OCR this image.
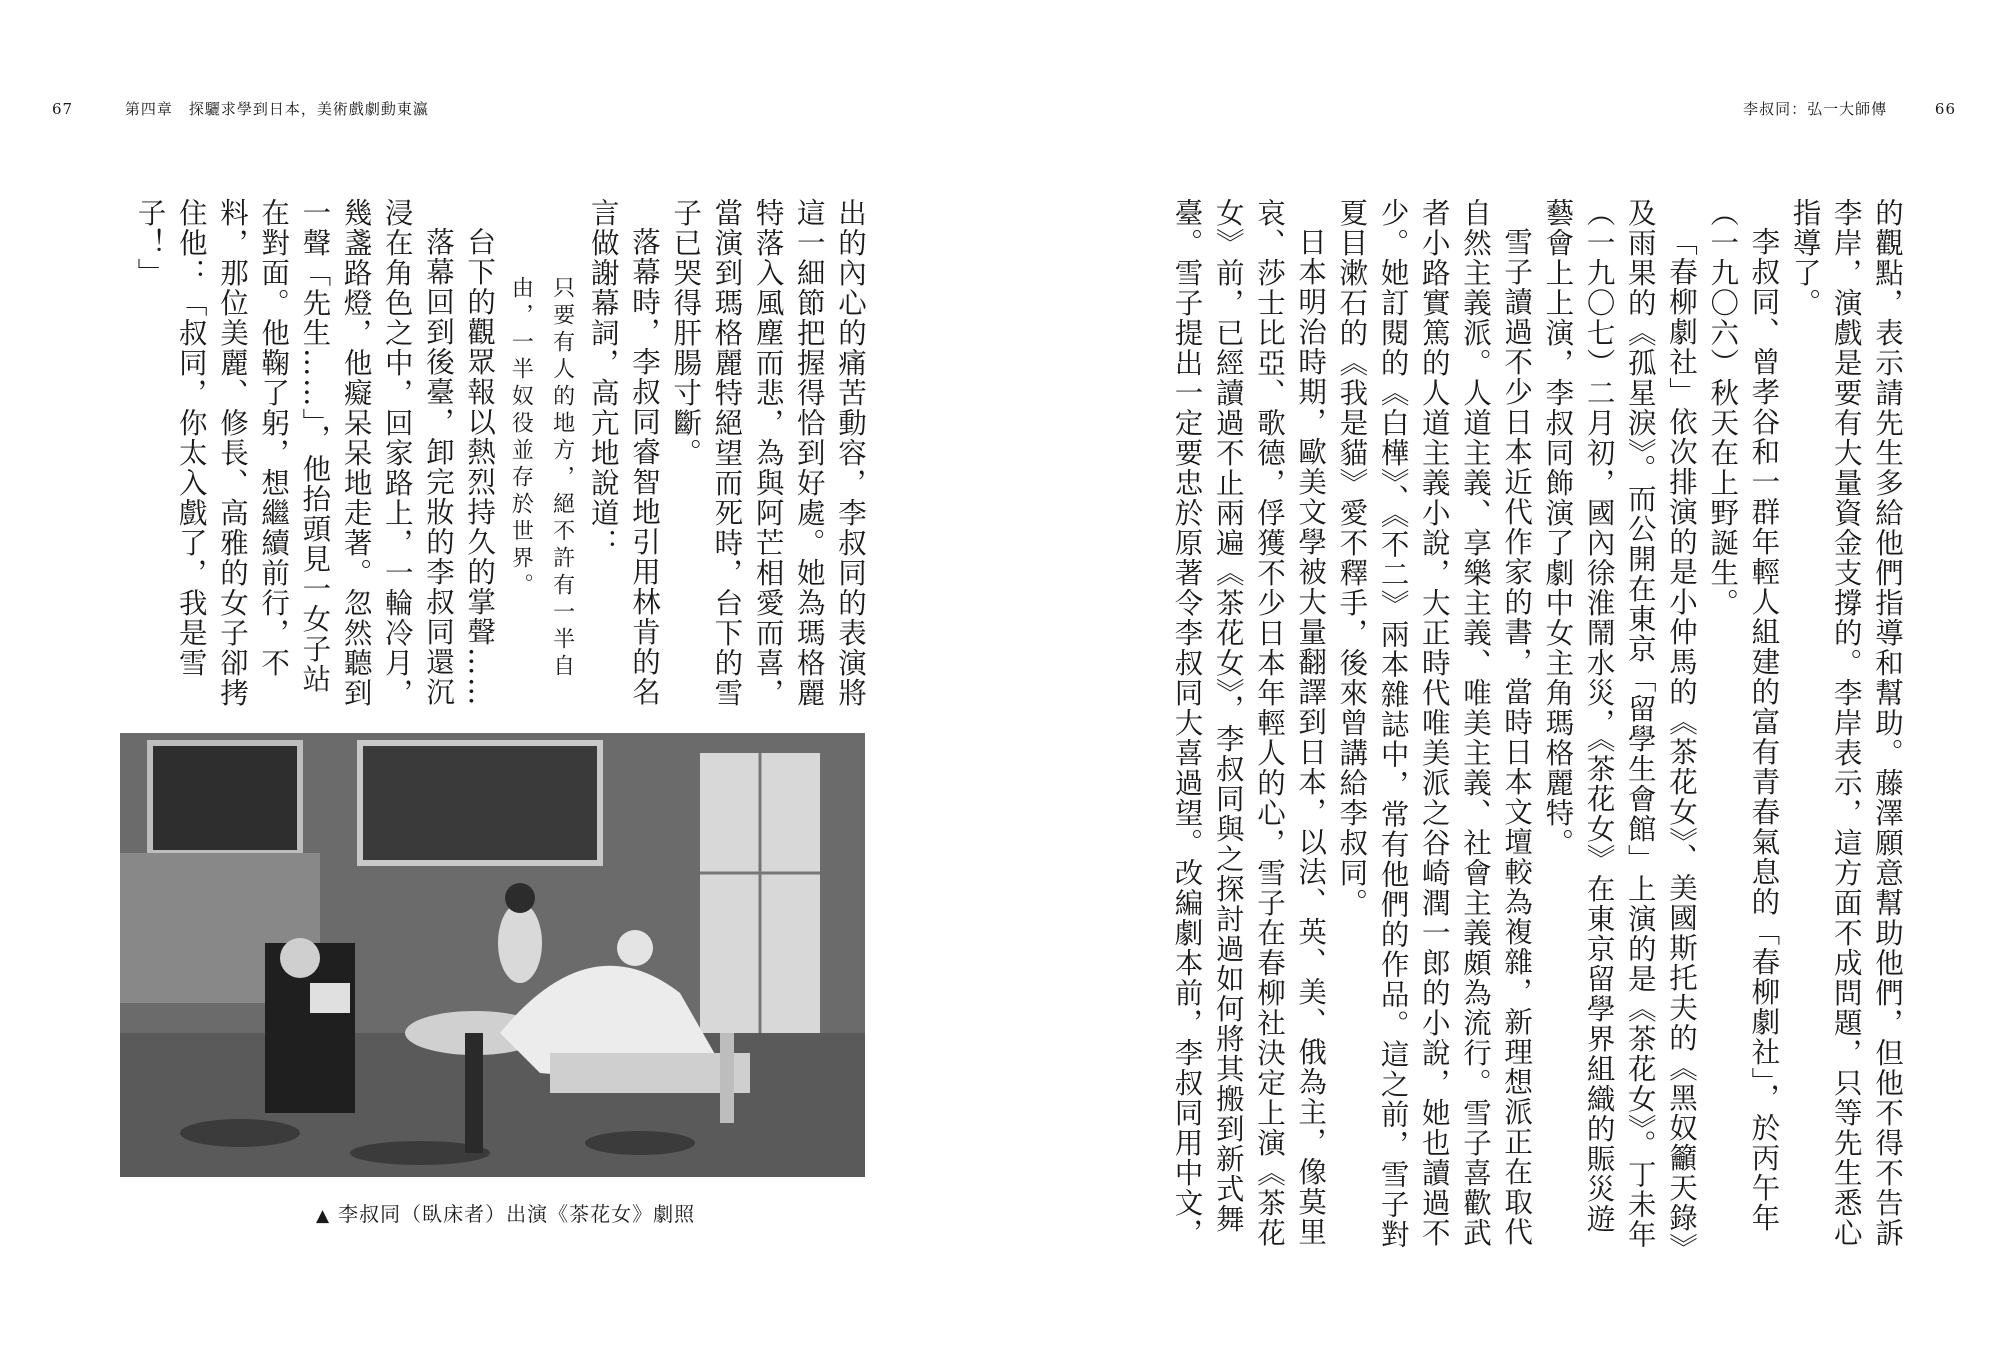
67	第四章　探驪求學到日本，美術戲劇動東瀛	李叔同：弘一大師傳	66

的觀點，表示請先生多給他們指導和幫助。藤澤願意幫助他們，但他不得不告訴李岸，演戲是要有大量資金支撐的。李岸表示，這方面不成問題，只等先生悉心指導了。

李叔同、曾孝谷和一群年輕人組建的富有青春氣息的「春柳劇社」，於丙午年（一九〇六）秋天在上野誕生。

「春柳劇社」依次排演的是小仲馬的《茶花女》、美國斯托夫的《黑奴籲天錄》及雨果的《孤星淚》。而公開在東京「留學生會館」上演的是《茶花女》。丁未年（一九〇七）二月初，國內徐淮鬧水災，《茶花女》在東京留學界組織的賑災遊藝會上上演，李叔同飾演了劇中女主角瑪格麗特。

雪子讀過不少日本近代作家的書，當時日本文壇較為複雜，新理想派正在取代自然主義派。人道主義、享樂主義、唯美主義、社會主義頗為流行。雪子喜歡武者小路實篤的人道主義小說，大正時代唯美派之谷崎潤一郎的小說，她也讀過不少。她訂閱的《白樺》、《不二》兩本雜誌中，常有他們的作品。這之前，雪子對夏目漱石的《我是貓》愛不釋手，後來曾講給李叔同。

日本明治時期，歐美文學被大量翻譯到日本，以法、英、美、俄為主，像莫里哀、莎士比亞、歌德，俘獲不少日本年輕人的心，雪子在春柳社決定上演《茶花女》前，已經讀過不止兩遍《茶花女》，李叔同與之探討過如何將其搬到新式舞臺。雪子提出一定要忠於原著令李叔同大喜過望。改編劇本前，李叔同用中文，

出的內心的痛苦動容，李叔同的表演將這一細節把握得恰到好處。她為瑪格麗特落入風塵而悲，為與阿芒相愛而喜，當演到瑪格麗特絕望而死時，台下的雪子已哭得肝腸寸斷。

落幕時，李叔同睿智地引用林肯的名言做謝幕詞，高亢地說道：

只要有人的地方，絕不許有一半自由，一半奴役並存於世界。

台下的觀眾報以熱烈持久的掌聲……

落幕回到後臺，卸完妝的李叔同還沉浸在角色之中，回家路上，一輪冷月，幾盞路燈，他癡呆呆地走著。忽然聽到一聲「先生……」，他抬頭見一女子站在對面。他鞠了躬，想繼續前行，不料，那位美麗、修長、高雅的女子卻拷住他：「叔同，你太入戲了，我是雪子！」

▲ 李叔同（臥床者）出演《茶花女》劇照
